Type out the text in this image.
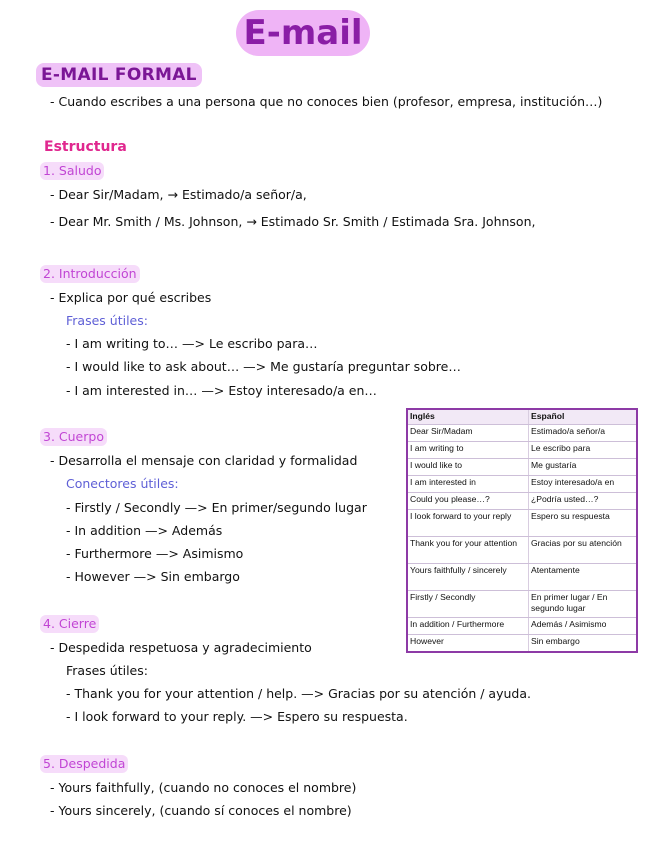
E-mail
E-MAIL FORMAL
- Cuando escribes a una persona que no conoces bien (profesor, empresa, institución…)
Estructura
1. Saludo
- Dear Sir/Madam, → Estimado/a señor/a,
- Dear Mr. Smith / Ms. Johnson, → Estimado Sr. Smith / Estimada Sra. Johnson,
2. Introducción
- Explica por qué escribes
Frases útiles:
- I am writing to… —> Le escribo para…
- I would like to ask about… —> Me gustaría preguntar sobre…
- I am interested in… —> Estoy interesado/a en…
3. Cuerpo
- Desarrolla el mensaje con claridad y formalidad
Conectores útiles:
- Firstly / Secondly —> En primer/segundo lugar
- In addition —> Además
- Furthermore —> Asimismo
- However —> Sin embargo
4. Cierre
- Despedida respetuosa y agradecimiento
Frases útiles:
- Thank you for your attention / help. —> Gracias por su atención / ayuda.
- I look forward to your reply. —> Espero su respuesta.
5. Despedida
- Yours faithfully, (cuando no conoces el nombre)
- Yours sincerely, (cuando sí conoces el nombre)
Inglés	Español
Dear Sir/Madam	Estimado/a señor/a
I am writing to	Le escribo para
I would like to	Me gustaría
I am interested in	Estoy interesado/a en
Could you please…?	¿Podría usted…?
I look forward to your reply	Espero su respuesta
Thank you for your attention	Gracias por su atención
Yours faithfully / sincerely	Atentamente
Firstly / Secondly	En primer lugar / En segundo lugar
In addition / Furthermore	Además / Asimismo
However	Sin embargo
